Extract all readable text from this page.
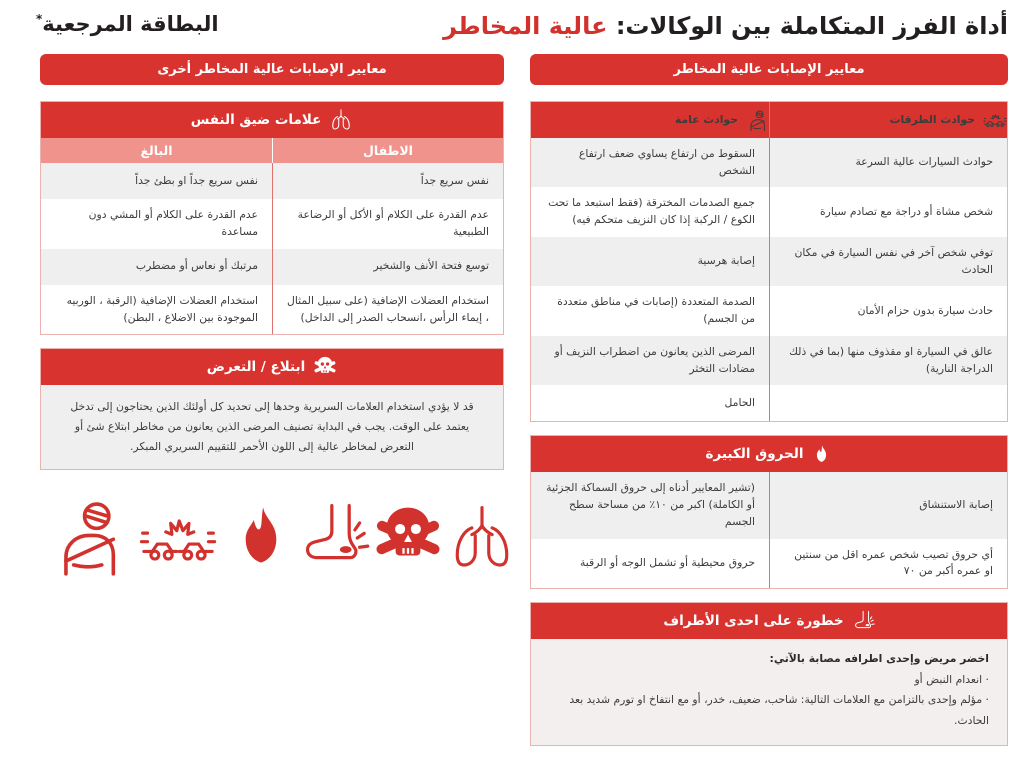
أداة الفرز المتكاملة بين الوكالات: عالية المخاطر
البطاقة المرجعية*
معايير الإصابات عالية المخاطر
حوادث الطرقات
حوادث عامة
حوادث السيارات عالية السرعة
السقوط من ارتفاع يساوي ضعف ارتفاع الشخص
شخص مشاة أو دراجة مع تصادم سيارة
جميع الصدمات المخترقة (فقط استبعد ما تحت الكوع / الركبة إذا كان النزيف متحكم فيه)
توفي شخص آخر في نفس السيارة في مكان الحادث
إصابة هرسية
حادث سيارة بدون حزام الأمان
الصدمة المتعددة (إصابات في مناطق متعددة من الجسم)
عالق في السيارة او مقذوف منها (بما في ذلك الدراجة النارية)
المرضى الذين يعانون من اضطراب النزيف أو مضادات التخثر
الحامل
الحروق الكبيرة
إصابة الاستنشاق
(تشير المعايير أدناه إلى حروق السماكة الجزئية أو الكاملة) اكبر من ١٠٪ من مساحة سطح الجسم
أي حروق تصيب شخص عمره اقل من سنتين او عمره أكبر من ٧٠
حروق محيطية أو تشمل الوجه أو الرقبة
خطورة على احدى الأطراف
اخضر مريض وإحدى اطرافه مصابة بالآتي:
· انعدام النبض أو
· مؤلم وإحدى بالتزامن مع العلامات التالية: شاحب، ضعيف، خدر، أو مع انتفاخ او تورم شديد بعد الحادث.
معايير الإصابات عالية المخاطر أخرى
علامات ضيق النفس
الاطفال
البالغ
نفس سريع جداً
نفس سريع جداً او بطئ جداً
عدم القدرة على الكلام أو الأكل أو الرضاعة الطبيعية
عدم القدرة على الكلام أو المشي دون مساعدة
توسع فتحة الأنف والشخير
مرتبك أو نعاس أو مضطرب
استخدام العضلات الإضافية (على سبيل المثال ، إيماء الرأس ،انسحاب الصدر إلى الداخل)
استخدام العضلات الإضافية (الرقبة ، الوربيه الموجودة بين الاضلاع ، البطن)
ابتلاع / التعرض
قد لا يؤدي استخدام العلامات السريرية وحدها إلى تحديد كل أولئك الذين يحتاجون إلى تدخل يعتمد على الوقت. يجب في البداية تصنيف المرضى الذين يعانون من مخاطر ابتلاع شئ أو التعرض لمخاطر عالية إلى اللون الأحمر للتقييم السريري المبكر.
